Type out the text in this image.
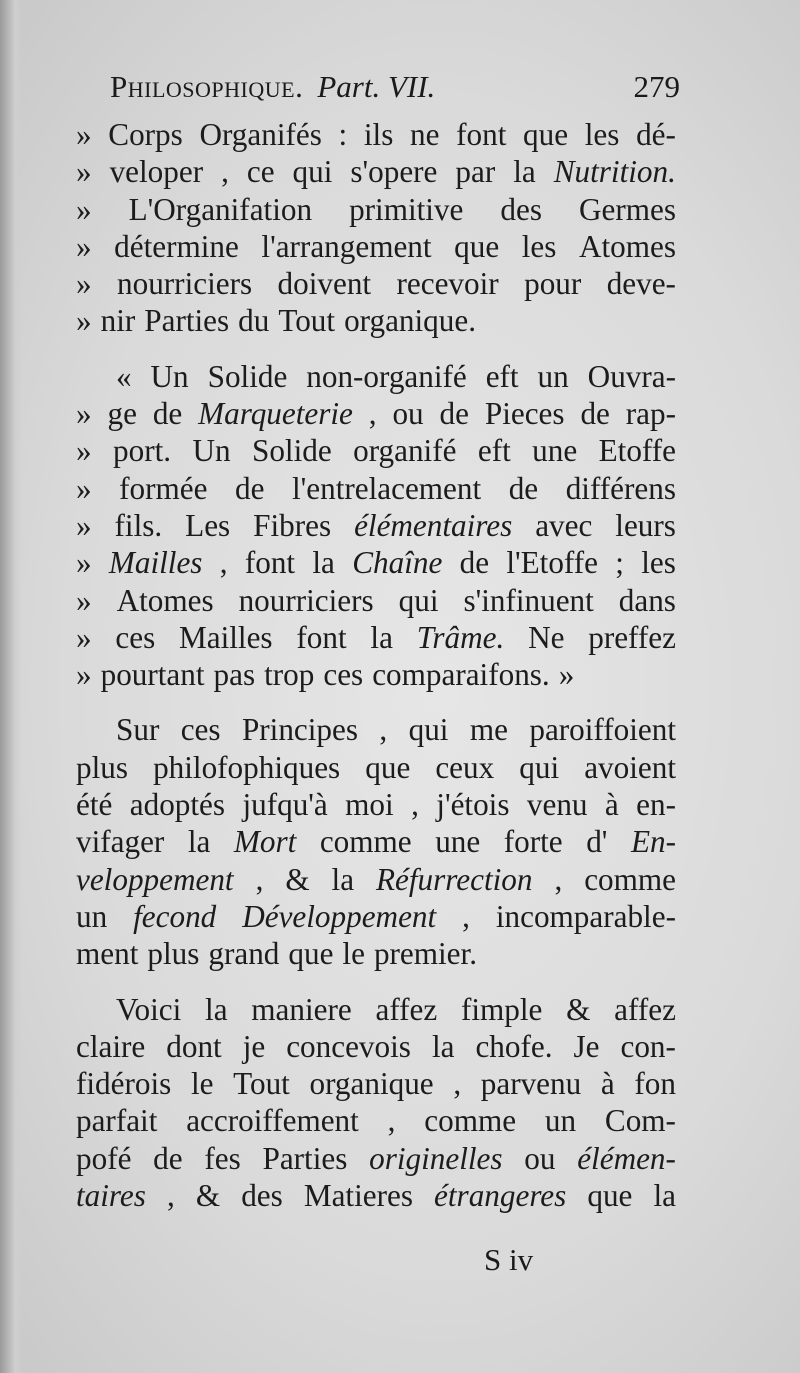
Philosophique. Part. VII.	279
» Corps Organifés : ils ne font que les dé-
» veloper , ce qui s'opere par la Nutrition.
» L'Organifation primitive des Germes
» détermine l'arrangement que les Atomes
» nourriciers doivent recevoir pour deve-
» nir Parties du Tout organique.
« Un Solide non-organifé eft un Ouvra-
» ge de Marqueterie , ou de Pieces de rap-
» port. Un Solide organifé eft une Etoffe
» formée de l'entrelacement de différens
» fils. Les Fibres élémentaires avec leurs
» Mailles , font la Chaîne de l'Etoffe ; les
» Atomes nourriciers qui s'infinuent dans
» ces Mailles font la Trâme. Ne preffez
» pourtant pas trop ces comparaifons. »
Sur ces Principes , qui me paroiffoient
plus philofophiques que ceux qui avoient
été adoptés jufqu'à moi , j'étois venu à en-
vifager la Mort comme une forte d' En-
veloppement , & la Réfurrection , comme
un fecond Développement , incomparable-
ment plus grand que le premier.
Voici la maniere affez fimple & affez
claire dont je concevois la chofe. Je con-
fidérois le Tout organique , parvenu à fon
parfait accroiffement , comme un Com-
pofé de fes Parties originelles ou élémen-
taires , & des Matieres étrangeres que la
S iv
